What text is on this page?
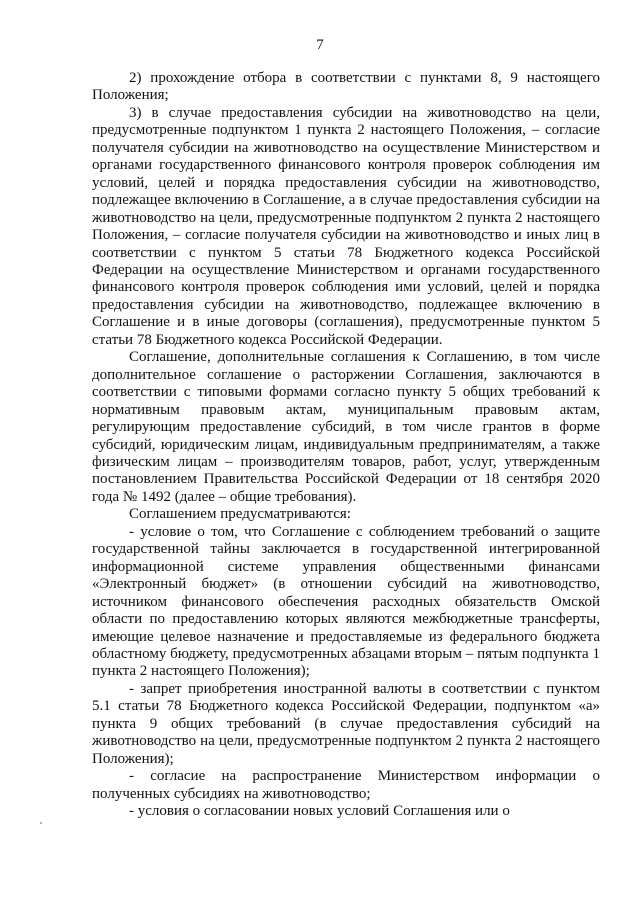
7

2) прохождение отбора в соответствии с пунктами 8, 9 настоящего Положения;

3) в случае предоставления субсидии на животноводство на цели, предусмотренные подпунктом 1 пункта 2 настоящего Положения, – согласие получателя субсидии на животноводство на осуществление Министерством и органами государственного финансового контроля проверок соблюдения им условий, целей и порядка предоставления субсидии на животноводство, подлежащее включению в Соглашение, а в случае предоставления субсидии на животноводство на цели, предусмотренные подпунктом 2 пункта 2 настоящего Положения, – согласие получателя субсидии на животноводство и иных лиц в соответствии с пунктом 5 статьи 78 Бюджетного кодекса Российской Федерации на осуществление Министерством и органами государственного финансового контроля проверок соблюдения ими условий, целей и порядка предоставления субсидии на животноводство, подлежащее включению в Соглашение и в иные договоры (соглашения), предусмотренные пунктом 5 статьи 78 Бюджетного кодекса Российской Федерации.

Соглашение, дополнительные соглашения к Соглашению, в том числе дополнительное соглашение о расторжении Соглашения, заключаются в соответствии с типовыми формами согласно пункту 5 общих требований к нормативным правовым актам, муниципальным правовым актам, регулирующим предоставление субсидий, в том числе грантов в форме субсидий, юридическим лицам, индивидуальным предпринимателям, а также физическим лицам – производителям товаров, работ, услуг, утвержденным постановлением Правительства Российской Федерации от 18 сентября 2020 года № 1492 (далее – общие требования).

Соглашением предусматриваются:

- условие о том, что Соглашение с соблюдением требований о защите государственной тайны заключается в государственной интегрированной информационной системе управления общественными финансами «Электронный бюджет» (в отношении субсидий на животноводство, источником финансового обеспечения расходных обязательств Омской области по предоставлению которых являются межбюджетные трансферты, имеющие целевое назначение и предоставляемые из федерального бюджета областному бюджету, предусмотренных абзацами вторым – пятым подпункта 1 пункта 2 настоящего Положения);

- запрет приобретения иностранной валюты в соответствии с пунктом 5.1 статьи 78 Бюджетного кодекса Российской Федерации, подпунктом «а» пункта 9 общих требований (в случае предоставления субсидий на животноводство на цели, предусмотренные подпунктом 2 пункта 2 настоящего Положения);

- согласие на распространение Министерством информации о полученных субсидиях на животноводство;

- условия о согласовании новых условий Соглашения или о
